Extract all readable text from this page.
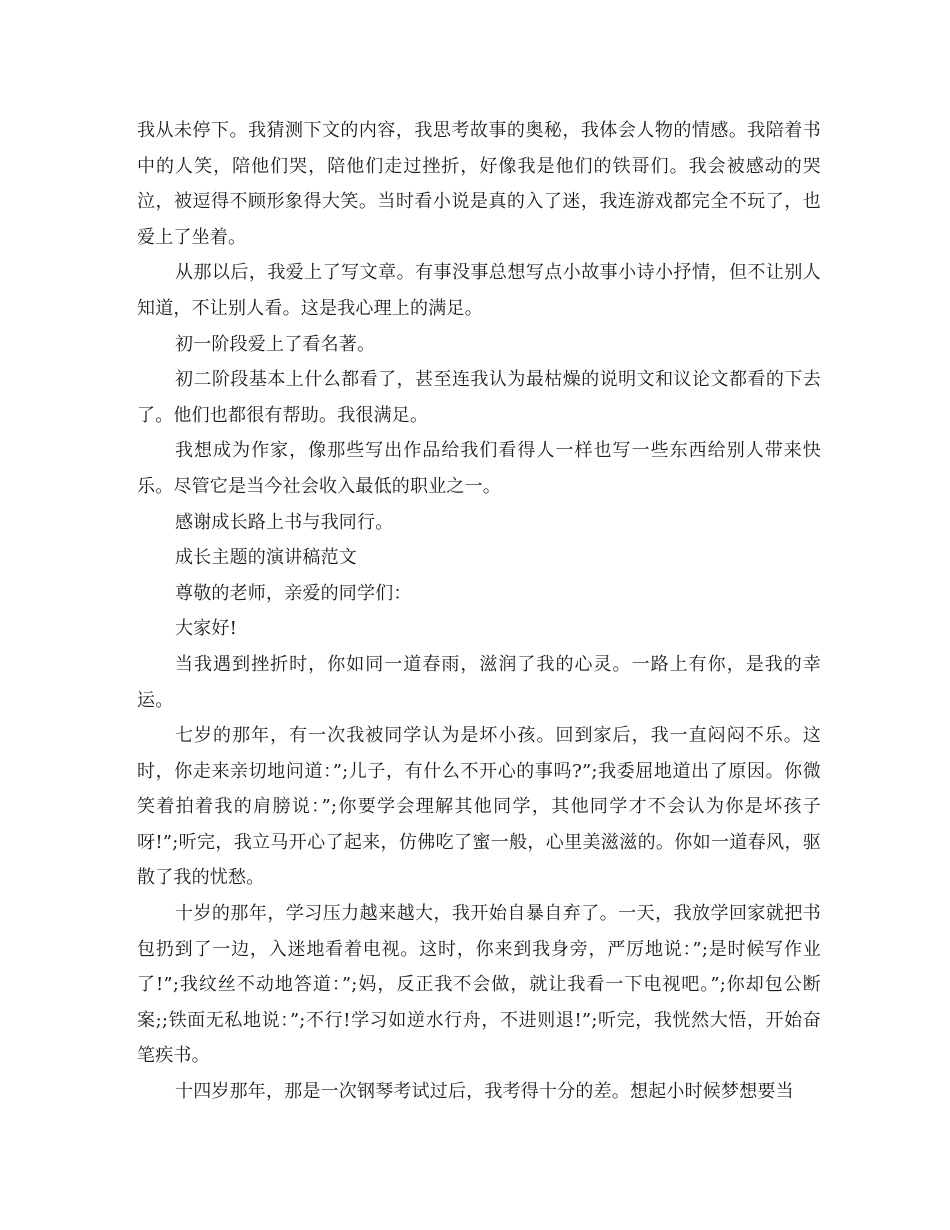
我从未停下。我猜测下文的内容，我思考故事的奥秘，我体会人物的情感。我陪着书中的人笑，陪他们哭，陪他们走过挫折，好像我是他们的铁哥们。我会被感动的哭泣，被逗得不顾形象得大笑。当时看小说是真的入了迷，我连游戏都完全不玩了，也爱上了坐着。

从那以后，我爱上了写文章。有事没事总想写点小故事小诗小抒情，但不让别人知道，不让别人看。这是我心理上的满足。

初一阶段爱上了看名著。

初二阶段基本上什么都看了，甚至连我认为最枯燥的说明文和议论文都看的下去了。他们也都很有帮助。我很满足。

我想成为作家，像那些写出作品给我们看得人一样也写一些东西给别人带来快乐。尽管它是当今社会收入最低的职业之一。

感谢成长路上书与我同行。

成长主题的演讲稿范文

尊敬的老师，亲爱的同学们：

大家好!

当我遇到挫折时，你如同一道春雨，滋润了我的心灵。一路上有你，是我的幸运。

七岁的那年，有一次我被同学认为是坏小孩。回到家后，我一直闷闷不乐。这时，你走来亲切地问道：”;儿子，有什么不开心的事吗?”;我委屈地道出了原因。你微笑着拍着我的肩膀说：”;你要学会理解其他同学，其他同学才不会认为你是坏孩子呀!”;听完，我立马开心了起来，仿佛吃了蜜一般，心里美滋滋的。你如一道春风，驱散了我的忧愁。

十岁的那年，学习压力越来越大，我开始自暴自弃了。一天，我放学回家就把书包扔到了一边，入迷地看着电视。这时，你来到我身旁，严厉地说：”;是时候写作业了!”;我纹丝不动地答道：”;妈，反正我不会做，就让我看一下电视吧。”;你却包公断案;;铁面无私地说：”;不行!学习如逆水行舟，不进则退!”;听完，我恍然大悟，开始奋笔疾书。

十四岁那年，那是一次钢琴考试过后，我考得十分的差。想起小时候梦想要当
